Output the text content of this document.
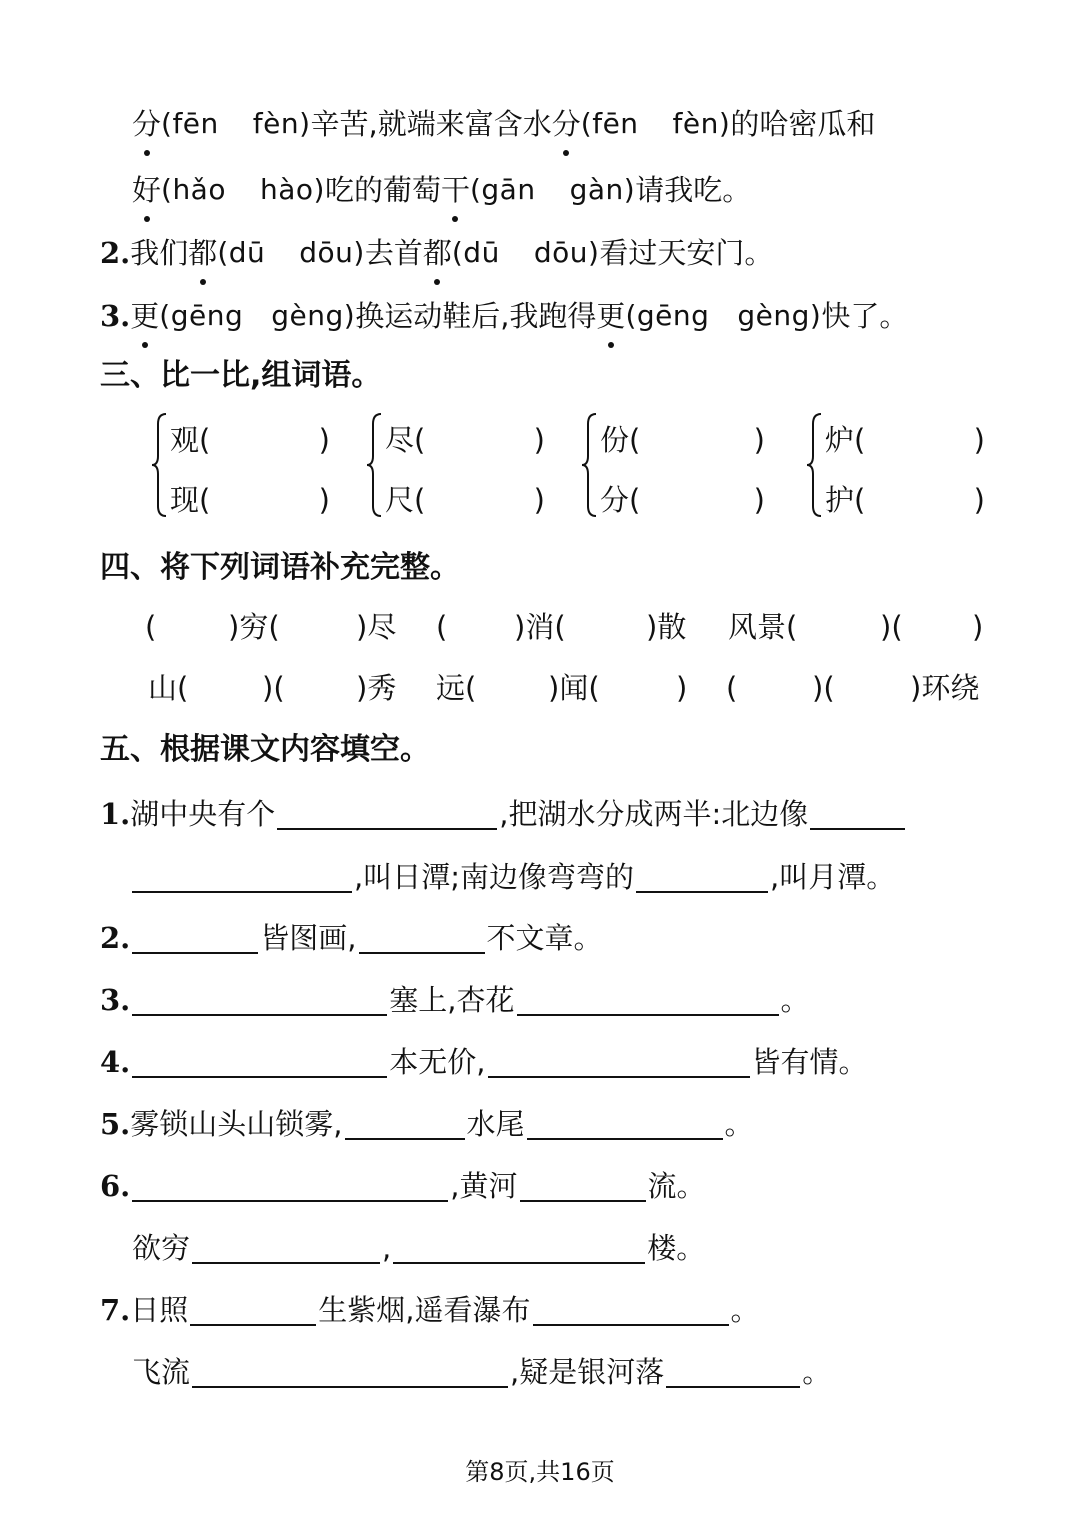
分(fēn fèn)辛苦,就端来富含水分(fēn fèn)的哈密瓜和
好(hǎo hào)吃的葡萄干(gān gàn)请我吃。
2.我们都(dū dōu)去首都(dū dōu)看过天安门。
3.更(gēng gèng)换运动鞋后,我跑得更(gēng gèng)快了。
三、比一比,组词语。
观(	)
现(	)
尽(	)
尺(	)
份(	)
分(	)
炉(	)
护(	)
四、将下列词语补充完整。
( )穷(	)尽 ( )消(	)散 风景(	)( )
山(	)( )秀 远( )闻(	) (	)(	)环绕
五、根据课文内容填空。
1.湖中央有个	,把湖水分成两半:北边像
,叫日潭;南边像弯弯的	,叫月潭。
2.	皆图画,	不文章。
3.	塞上,杏花	。
4.	本无价,	皆有情。
5.雾锁山头山锁雾,	水尾	。
6.	,黄河	流。
欲穷	,	楼。
7.日照	生紫烟,遥看瀑布	。
飞流	,疑是银河落	。
第8页,共16页
